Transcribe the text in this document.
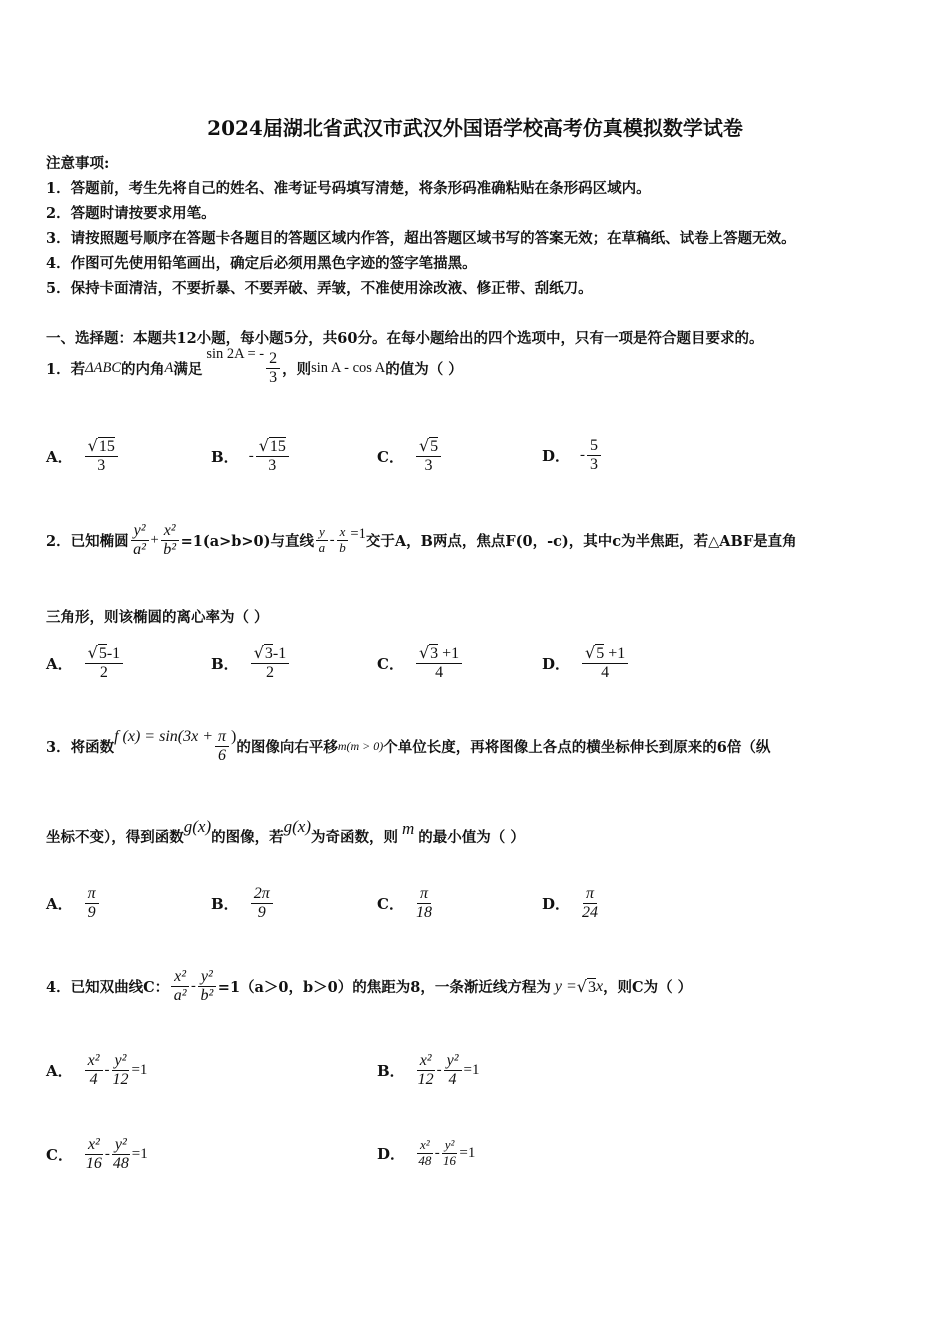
2024届湖北省武汉市武汉外国语学校高考仿真模拟数学试卷
注意事项:
1．答题前，考生先将自己的姓名、准考证号码填写清楚，将条形码准确粘贴在条形码区域内。
2．答题时请按要求用笔。
3．请按照题号顺序在答题卡各题目的答题区域内作答，超出答题区域书写的答案无效；在草稿纸、试卷上答题无效。
4．作图可先使用铅笔画出，确定后必须用黑色字迹的签字笔描黑。
5．保持卡面清洁，不要折暴、不要弄破、弄皱，不准使用涂改液、修正带、刮纸刀。
一、选择题：本题共12小题，每小题5分，共60分。在每小题给出的四个选项中，只有一项是符合题目要求的。
1．若 ΔABC 的内角 A 满足
sin 2A = - $\frac{2}{3}$ ，则 sin A - cos A 的值为（ ）
A． $\frac{√15}{3}$	B． - $\frac{√15}{3}$	C． $\frac{√5}{3}$	D． - $\frac{5}{3}$
2．已知椭圆 $\frac{\text{y²}}{\text{a²}} + \frac{\text{x²}}{\text{b²}} =1(a>b>0)$与直线 $\frac{y}{a} - \frac{x}{b} =1$ 交于A，B两点，焦点F(0，-c)，其中c为半焦距，若△ABF是直角
三角形，则该椭圆的离心率为（ ）
A． $\frac{√5-1}{2}$	B． $\frac{√3-1}{2}$	C． $\frac{√3 +1}{4}$	D． $\frac{√5 +1}{4}$
3．将函数
f $(x) = \sin(3x + \frac{\pi}{6}$ )
的图像向右平移 m(m > 0) 个单位长度，再将图像上各点的横坐标伸长到原来的6倍（纵
坐标不变），得到函数
g(x)
的图像，若
g(x)
为奇函数，则 m 的最小值为（ ）
A． $\frac{\pi}{9}$	B． $\frac{2\pi}{9}$	C． $\frac{\pi}{18}$	D． $\frac{\pi}{24}$
4．已知双曲线C： $\frac{\text{x²}}{\text{a²}} - \frac{\text{y²}}{\text{b²}} =1(a>0$，b＞0）的焦距为8，一条渐近线方程为 y = √3 x ，则C为（ ）
A． $\frac{\text{x²}}{4} - \frac{\text{y²}}{12} =1$	B． $\frac{\text{x²}}{12} - \frac{\text{y²}}{4} =1$
C． $\frac{\text{x²}}{16} - \frac{\text{y²}}{48} =1$	D． $\frac{\text{x²}}{48} - \frac{\text{y²}}{16} =1$
